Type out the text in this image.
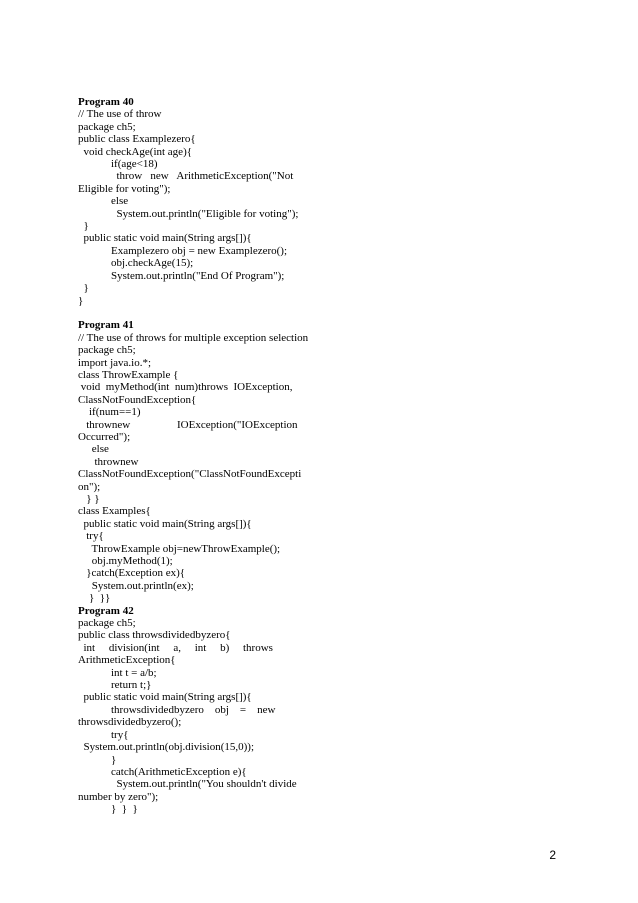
Program 40
// The use of throw
package ch5;
public class Examplezero{
void checkAge(int age){
if(age<18)
throw   new   ArithmeticException("Not
Eligible for voting");
else
System.out.println("Eligible for voting");
}
public static void main(String args[]){
Examplezero obj = new Examplezero();
obj.checkAge(15);
System.out.println("End Of Program");
}
}
Program 41
// The use of throws for multiple exception selection
package ch5;
import java.io.*;
class ThrowExample {
void  myMethod(int  num)throws  IOException,
ClassNotFoundException{
if(num==1)
thrownew                 IOException("IOException
Occurred");
else
thrownew
ClassNotFoundException("ClassNotFoundExcepti
on");
} }
class Examples{
public static void main(String args[]){
try{
ThrowExample obj=newThrowExample();
obj.myMethod(1);
}catch(Exception ex){
System.out.println(ex);
}  }}
Program 42
package ch5;
public class throwsdividedbyzero{
int     division(int     a,     int     b)     throws
ArithmeticException{
int t = a/b;
return t;}
public static void main(String args[]){
throwsdividedbyzero    obj    =    new
throwsdividedbyzero();
try{
System.out.println(obj.division(15,0));
}
catch(ArithmeticException e){
System.out.println("You shouldn't divide
number by zero");
}  }  }
2
